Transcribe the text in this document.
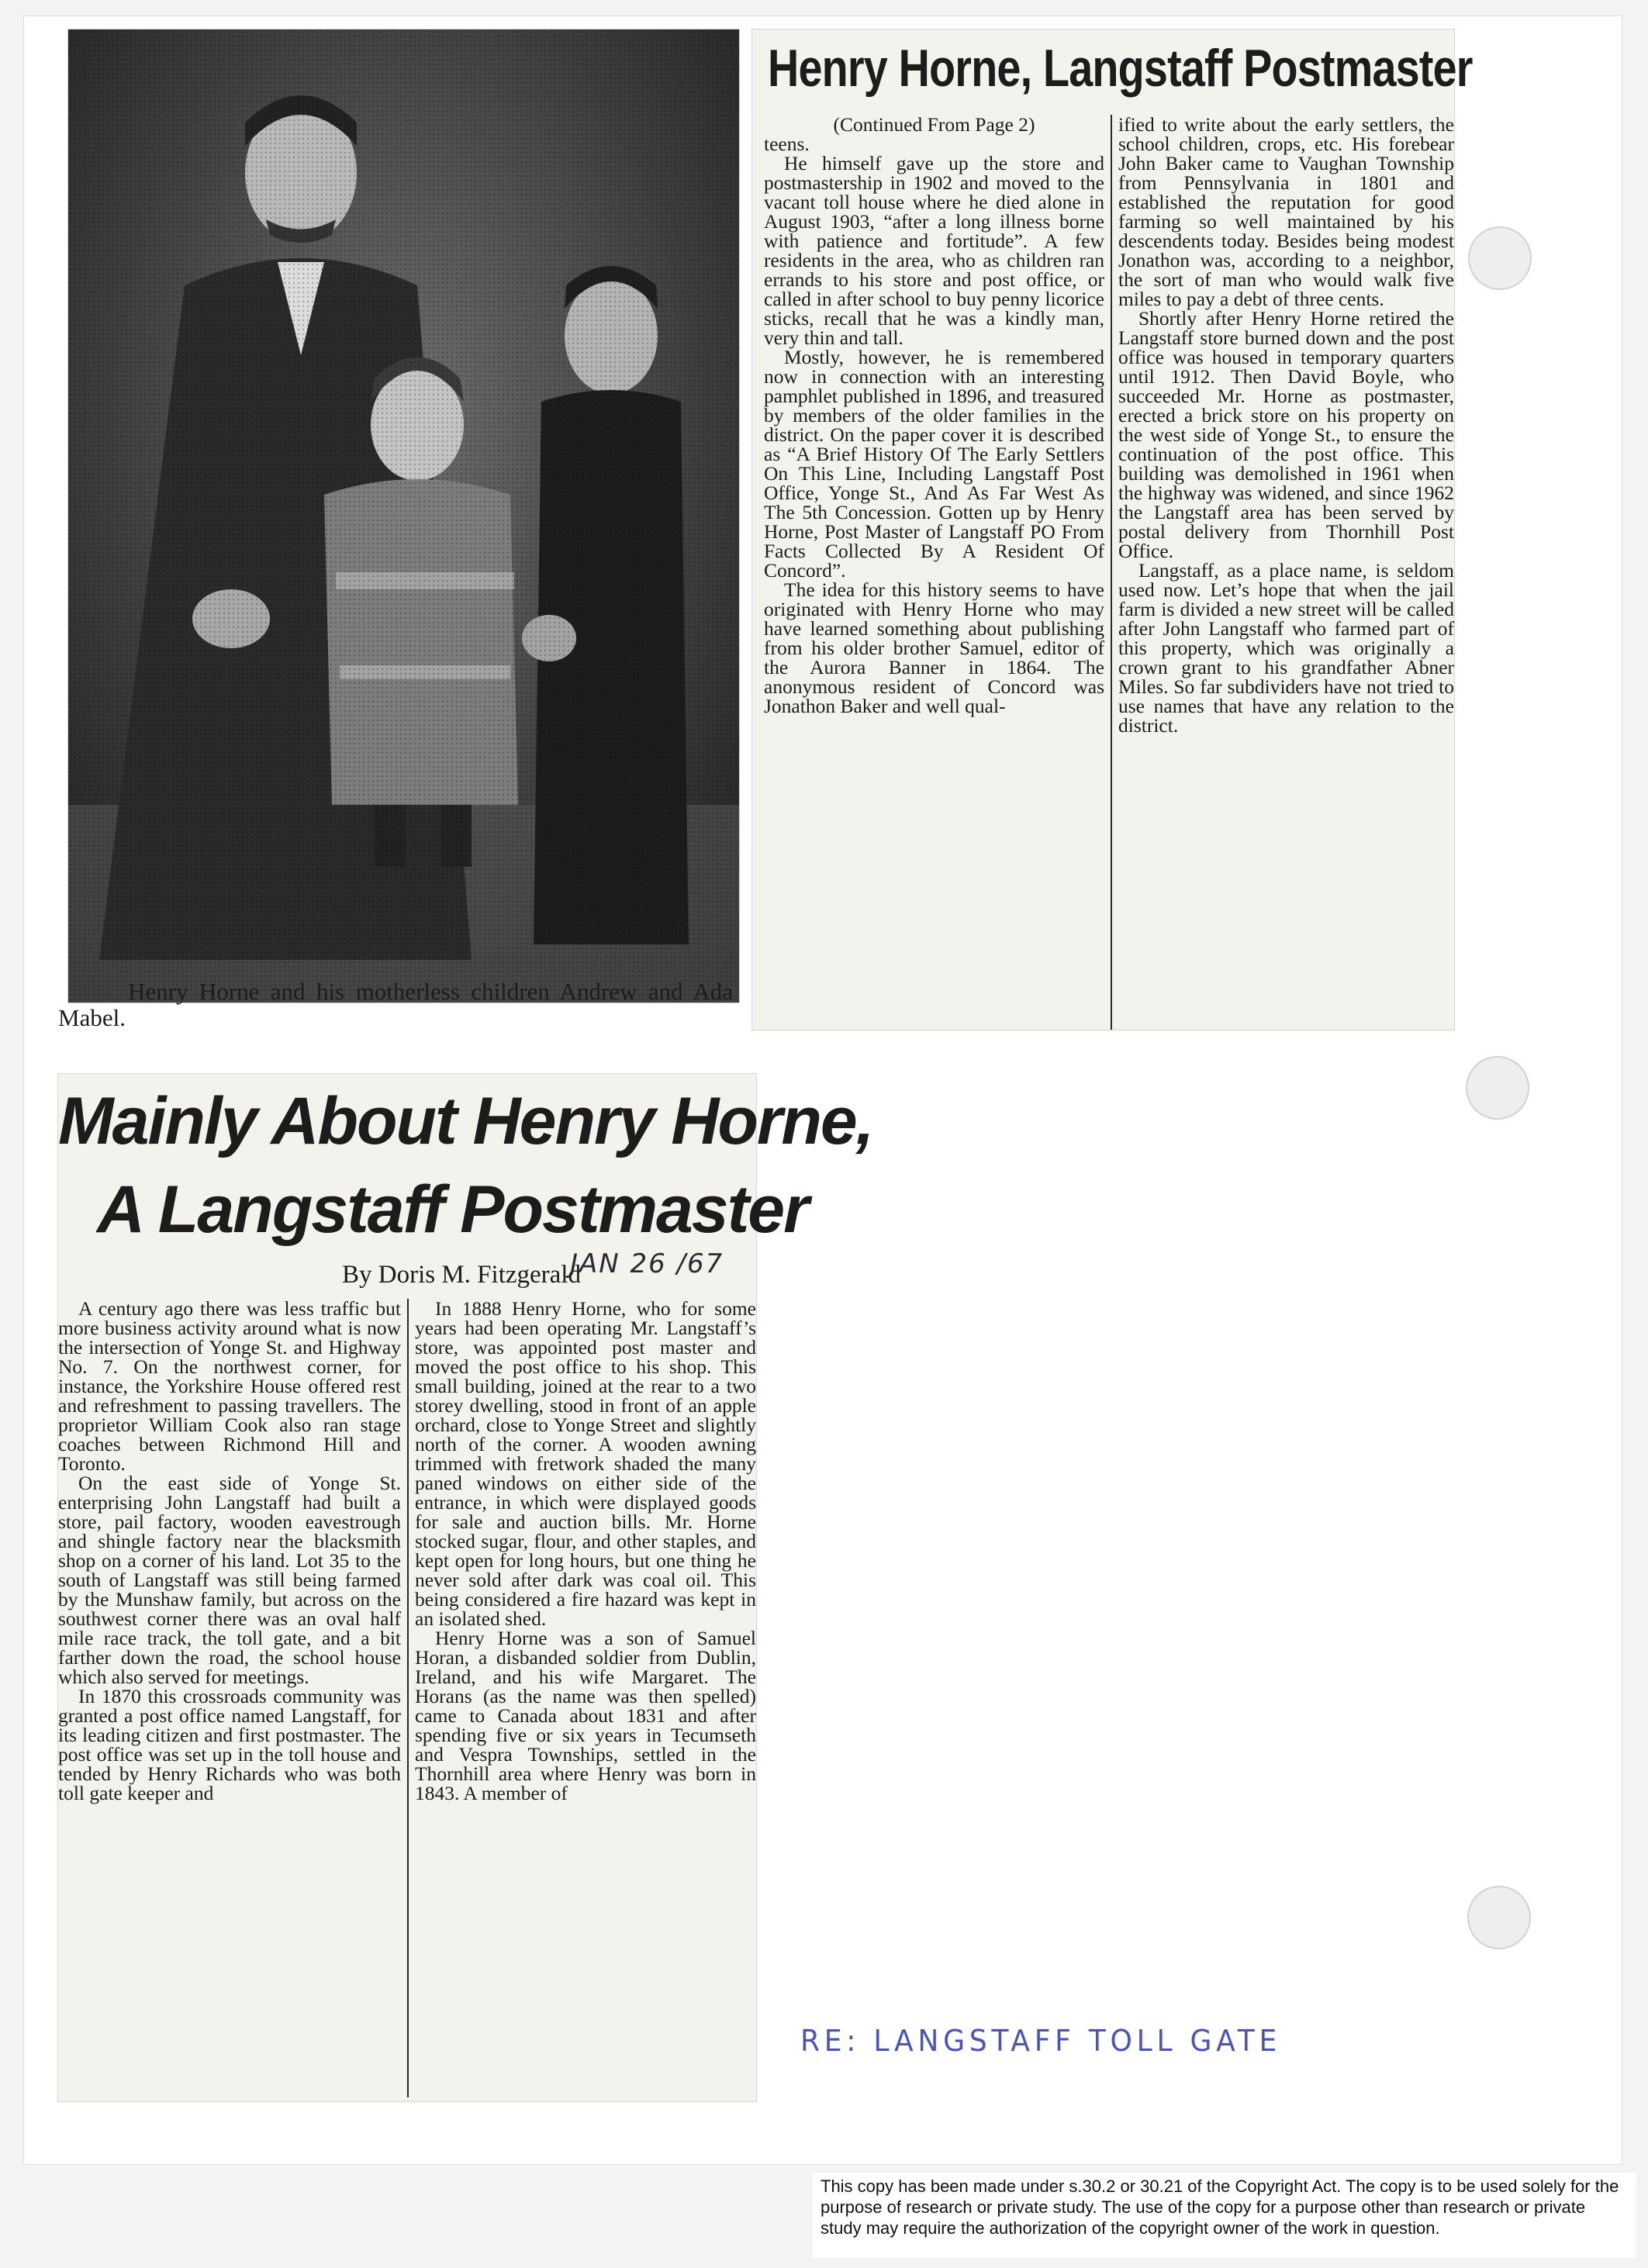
Henry Horne and his motherless children Andrew and Ada Mabel.
Henry Horne, Langstaff Postmaster

(Continued From Page 2)

teens.

He himself gave up the store and postmastership in 1902 and moved to the vacant toll house where he died alone in August 1903, “after a long illness borne with patience and fortitude”. A few residents in the area, who as children ran errands to his store and post office, or called in after school to buy penny licorice sticks, recall that he was a kindly man, very thin and tall.

Mostly, however, he is remembered now in connection with an interesting pamphlet published in 1896, and treasured by members of the older families in the district. On the paper cover it is described as “A Brief History Of The Early Settlers On This Line, Including Langstaff Post Office, Yonge St., And As Far West As The 5th Concession. Gotten up by Henry Horne, Post Master of Langstaff PO From Facts Collected By A Resident Of Concord”.

The idea for this history seems to have originated with Henry Horne who may have learned something about publishing from his older brother Samuel, editor of the Aurora Banner in 1864. The anonymous resident of Concord was Jonathon Baker and well qual-

ified to write about the early settlers, the school children, crops, etc. His forebear John Baker came to Vaughan Township from Pennsylvania in 1801 and established the reputation for good farming so well maintained by his descendents today. Besides being modest Jonathon was, according to a neighbor, the sort of man who would walk five miles to pay a debt of three cents.

Shortly after Henry Horne retired the Langstaff store burned down and the post office was housed in temporary quarters until 1912. Then David Boyle, who succeeded Mr. Horne as postmaster, erected a brick store on his property on the west side of Yonge St., to ensure the continuation of the post office. This building was demolished in 1961 when the highway was widened, and since 1962 the Langstaff area has been served by postal delivery from Thornhill Post Office.

Langstaff, as a place name, is seldom used now. Let’s hope that when the jail farm is divided a new street will be called after John Langstaff who farmed part of this property, which was originally a crown grant to his grandfather Abner Miles. So far subdividers have not tried to use names that have any relation to the district.

Mainly About Henry Horne,
A Langstaff Postmaster
By Doris M. Fitzgerald
JAN 26 /67

A century ago there was less traffic but more business activity around what is now the intersection of Yonge St. and Highway No. 7. On the northwest corner, for instance, the Yorkshire House offered rest and refreshment to passing travellers. The proprietor William Cook also ran stage coaches between Richmond Hill and Toronto.

On the east side of Yonge St. enterprising John Langstaff had built a store, pail factory, wooden eavestrough and shingle factory near the blacksmith shop on a corner of his land. Lot 35 to the south of Langstaff was still being farmed by the Munshaw family, but across on the southwest corner there was an oval half mile race track, the toll gate, and a bit farther down the road, the school house which also served for meetings.

In 1870 this crossroads community was granted a post office named Langstaff, for its leading citizen and first postmaster. The post office was set up in the toll house and tended by Henry Richards who was both toll gate keeper and

In 1888 Henry Horne, who for some years had been operating Mr. Langstaff’s store, was appointed post master and moved the post office to his shop. This small building, joined at the rear to a two storey dwelling, stood in front of an apple orchard, close to Yonge Street and slightly north of the corner. A wooden awning trimmed with fretwork shaded the many paned windows on either side of the entrance, in which were displayed goods for sale and auction bills. Mr. Horne stocked sugar, flour, and other staples, and kept open for long hours, but one thing he never sold after dark was coal oil. This being considered a fire hazard was kept in an isolated shed.

Henry Horne was a son of Samuel Horan, a disbanded soldier from Dublin, Ireland, and his wife Margaret. The Horans (as the name was then spelled) came to Canada about 1831 and after spending five or six years in Tecumseth and Vespra Townships, settled in the Thornhill area where Henry was born in 1843. A member of

RE: LANGSTAFF TOLL GATE
This copy has been made under s.30.2 or 30.21 of the Copyright Act. The copy is to be used solely for the purpose of research or private study. The use of the copy for a purpose other than research or private study may require the authorization of the copyright owner of the work in question.
